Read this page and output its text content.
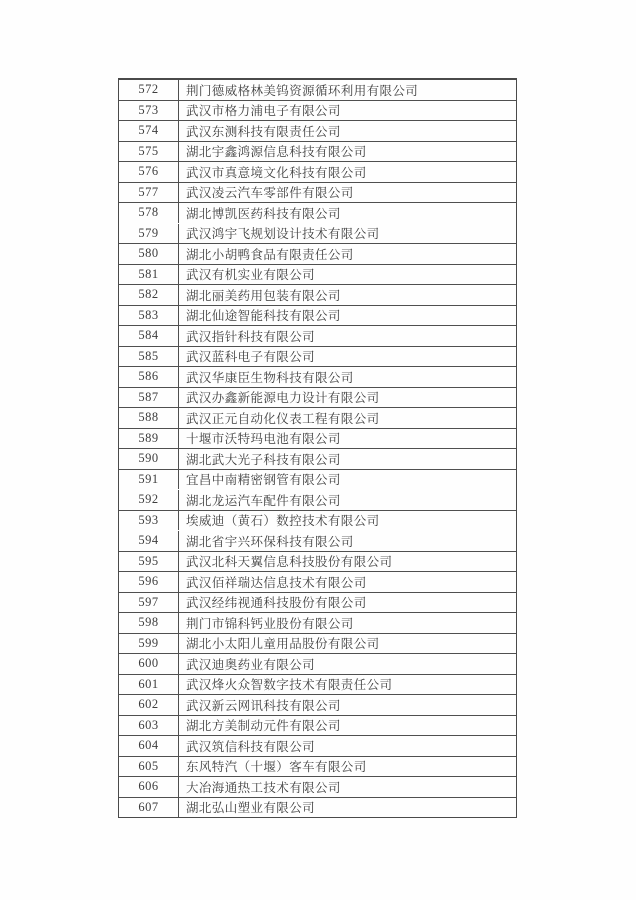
572	荆门德威格林美钨资源循环利用有限公司
573	武汉市格力浦电子有限公司
574	武汉东测科技有限责任公司
575	湖北宇鑫鸿源信息科技有限公司
576	武汉市真意境文化科技有限公司
577	武汉凌云汽车零部件有限公司
578	湖北博凯医药科技有限公司
579	武汉鸿宇飞规划设计技术有限公司
580	湖北小胡鸭食品有限责任公司
581	武汉有机实业有限公司
582	湖北丽美药用包装有限公司
583	湖北仙途智能科技有限公司
584	武汉指针科技有限公司
585	武汉蓝科电子有限公司
586	武汉华康臣生物科技有限公司
587	武汉办鑫新能源电力设计有限公司
588	武汉正元自动化仪表工程有限公司
589	十堰市沃特玛电池有限公司
590	湖北武大光子科技有限公司
591	宜昌中南精密钢管有限公司
592	湖北龙运汽车配件有限公司
593	埃威迪（黄石）数控技术有限公司
594	湖北省宇兴环保科技有限公司
595	武汉北科天翼信息科技股份有限公司
596	武汉佰祥瑞达信息技术有限公司
597	武汉经纬视通科技股份有限公司
598	荆门市锦科钙业股份有限公司
599	湖北小太阳儿童用品股份有限公司
600	武汉迪奥药业有限公司
601	武汉烽火众智数字技术有限责任公司
602	武汉新云网讯科技有限公司
603	湖北方美制动元件有限公司
604	武汉筑信科技有限公司
605	东风特汽（十堰）客车有限公司
606	大冶海通热工技术有限公司
607	湖北弘山塑业有限公司
